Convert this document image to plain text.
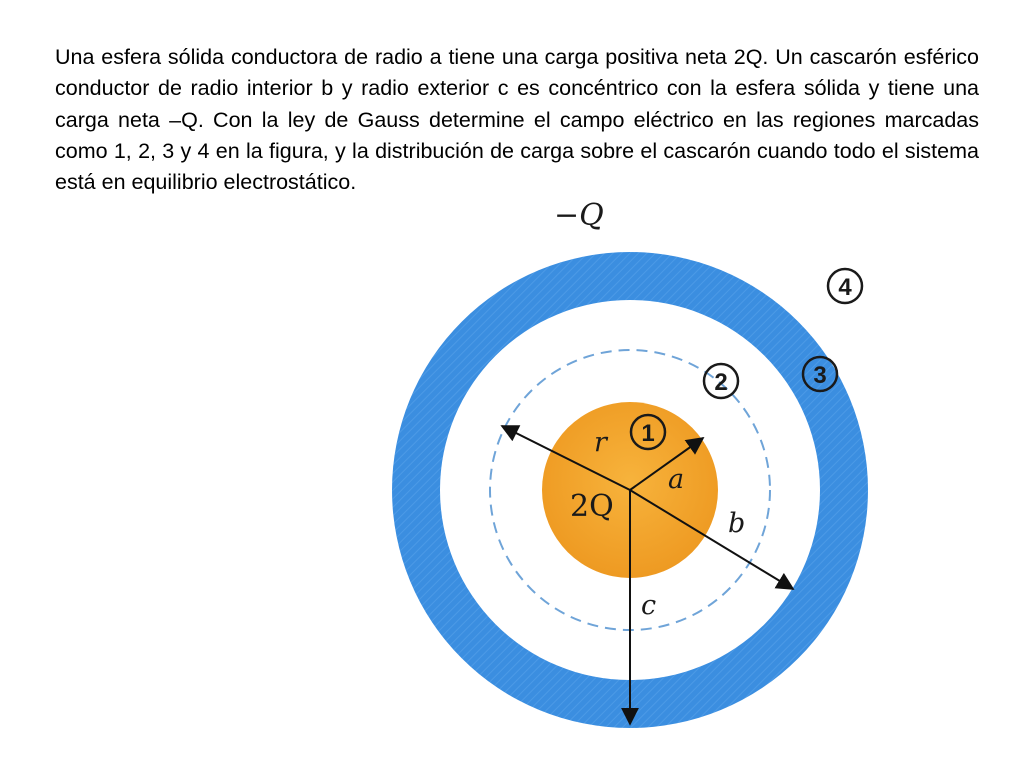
Una esfera sólida conductora de radio a tiene una carga positiva neta 2Q. Un cascarón esférico conductor de radio interior b y radio exterior c es concéntrico con la esfera sólida y tiene una carga neta –Q. Con la ley de Gauss determine el campo eléctrico en las regiones marcadas como 1, 2, 3 y 4 en la figura, y la distribución de carga sobre el cascarón cuando todo el sistema está en equilibrio electrostático.

−Q
2Q
r
a
b
c
1
2	3
4
